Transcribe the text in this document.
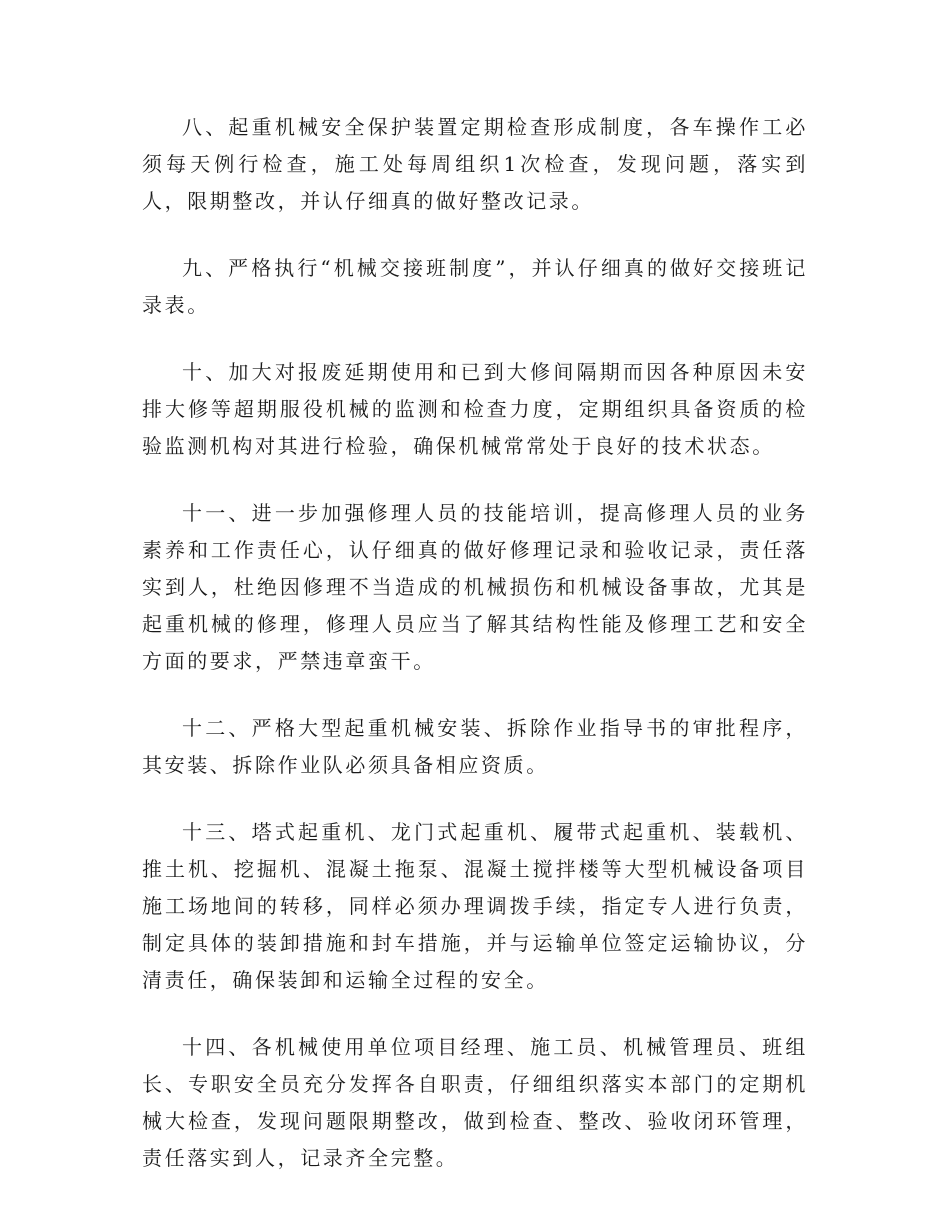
八、起重机械安全保护装置定期检查形成制度，各车操作工必须每天例行检查，施工处每周组织1次检查，发现问题，落实到人，限期整改，并认仔细真的做好整改记录。

九、严格执行“机械交接班制度”，并认仔细真的做好交接班记录表。

十、加大对报废延期使用和已到大修间隔期而因各种原因未安排大修等超期服役机械的监测和检查力度，定期组织具备资质的检验监测机构对其进行检验，确保机械常常处于良好的技术状态。

十一、进一步加强修理人员的技能培训，提高修理人员的业务素养和工作责任心，认仔细真的做好修理记录和验收记录，责任落实到人，杜绝因修理不当造成的机械损伤和机械设备事故，尤其是起重机械的修理，修理人员应当了解其结构性能及修理工艺和安全方面的要求，严禁违章蛮干。

十二、严格大型起重机械安装、拆除作业指导书的审批程序，其安装、拆除作业队必须具备相应资质。

十三、塔式起重机、龙门式起重机、履带式起重机、装载机、推土机、挖掘机、混凝土拖泵、混凝土搅拌楼等大型机械设备项目施工场地间的转移，同样必须办理调拨手续，指定专人进行负责，制定具体的装卸措施和封车措施，并与运输单位签定运输协议，分清责任，确保装卸和运输全过程的安全。

十四、各机械使用单位项目经理、施工员、机械管理员、班组长、专职安全员充分发挥各自职责，仔细组织落实本部门的定期机械大检查，发现问题限期整改，做到检查、整改、验收闭环管理，责任落实到人，记录齐全完整。
